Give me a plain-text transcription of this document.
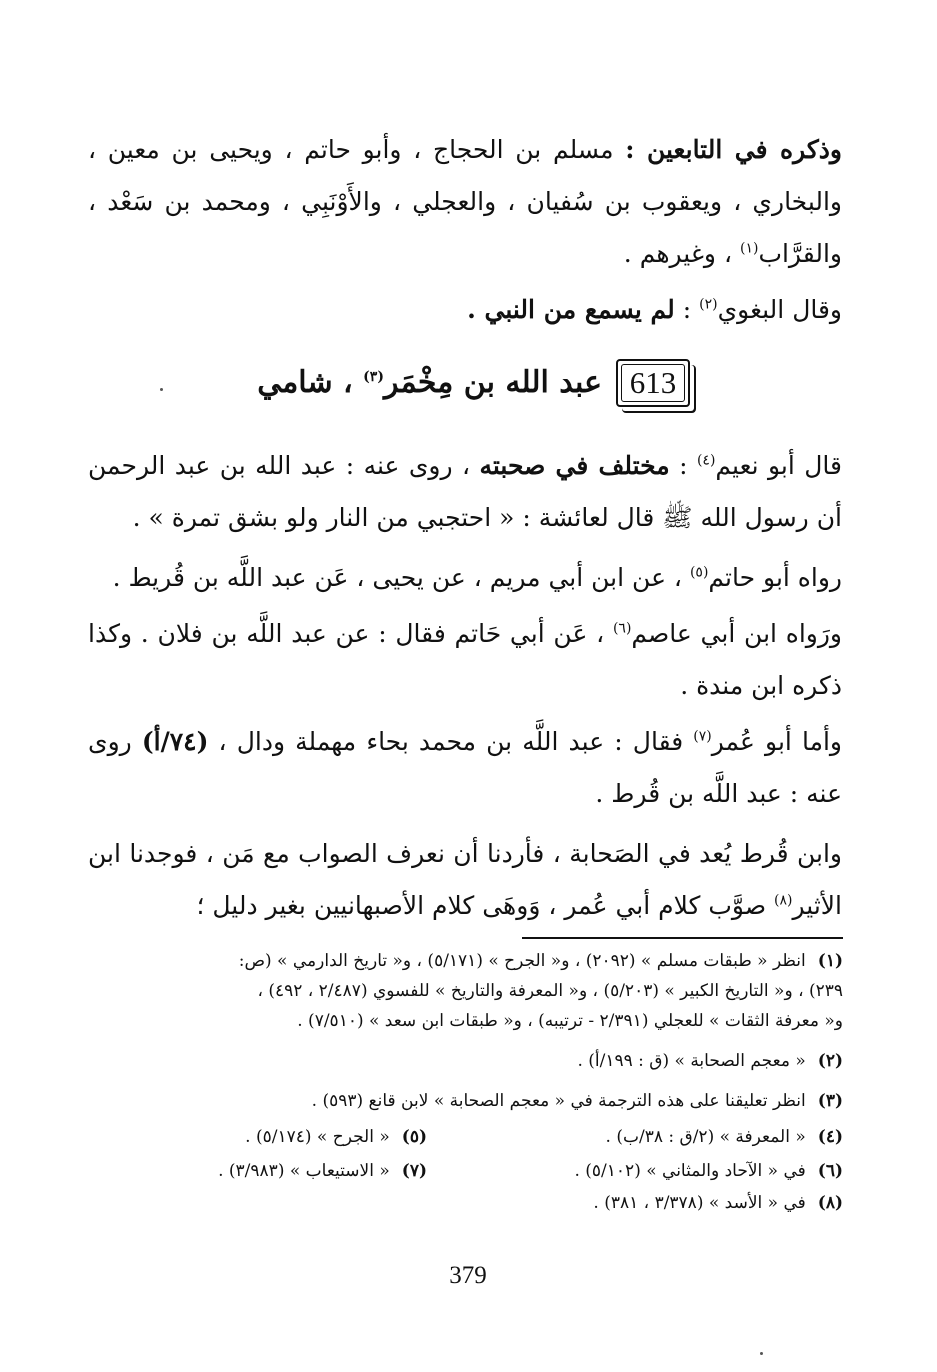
وذكره في التابعين : مسلم بن الحجاج ، وأبو حاتم ، ويحيى بن معين ، والبخاري ، ويعقوب بن سُفيان ، والعجلي ، والأَوْنَبِي ، ومحمد بن سَعْد ، والقرَّاب$^{(١)}$ ، وغيرهم .
وقال البغوي$^{(٢)}$ : لم يسمع من النبي .
613
عبد الله بن مِخْمَر$^{(٣)}$ ، شامي
قال أبو نعيم$^{(٤)}$ : مختلف في صحبته ، روى عنه : عبد الله بن عبد الرحمن أن رسول الله ﷺ قال لعائشة : « احتجبي من النار ولو بشق تمرة » .
رواه أبو حاتم$^{(٥)}$ ، عن ابن أبي مريم ، عن يحيى ، عَن عبد اللَّه بن قُريط .
ورَواه ابن أبي عاصم$^{(٦)}$ ، عَن أبي حَاتم فقال : عن عبد اللَّه بن فلان . وكذا ذكره ابن مندة .
وأما أبو عُمر$^{(٧)}$ فقال : عبد اللَّه بن محمد بحاء مهملة ودال ، (٧٤/أ) روى عنه : عبد اللَّه بن قُرط .
وابن قُرط يُعد في الصَحابة ، فأردنا أن نعرف الصواب مع مَن ، فوجدنا ابن الأثير$^{(٨)}$ صوَّب كلام أبي عُمر ، وَوهَى كلام الأصبهانيين بغير دليل ؛
(١)انظر « طبقات مسلم » (٢٠٩٢) ، و« الجرح » (٥/١٧١) ، و« تاريخ الدارمي » (ص:
٢٣٩) ، و« التاريخ الكبير » (٥/٢٠٣) ، و« المعرفة والتاريخ » للفسوي (٢/٤٨٧ ، ٤٩٢) ،
و« معرفة الثقات » للعجلي (٢/٣٩١ - ترتيبه) ، و« طبقات ابن سعد » (٧/٥١٠) .
(٢)« معجم الصحابة » (ق : ١٩٩/أ) .
(٣)انظر تعليقنا على هذه الترجمة في « معجم الصحابة » لابن قانع (٥٩٣) .
(٤)« المعرفة » (٢/ق : ٣٨/ب) .
(٥)« الجرح » (٥/١٧٤) .
(٦)في « الآحاد والمثاني » (٥/١٠٢) .
(٧)« الاستيعاب » (٣/٩٨٣) .
(٨)في « الأسد » (٣/٣٧٨ ، ٣٨١) .
379
